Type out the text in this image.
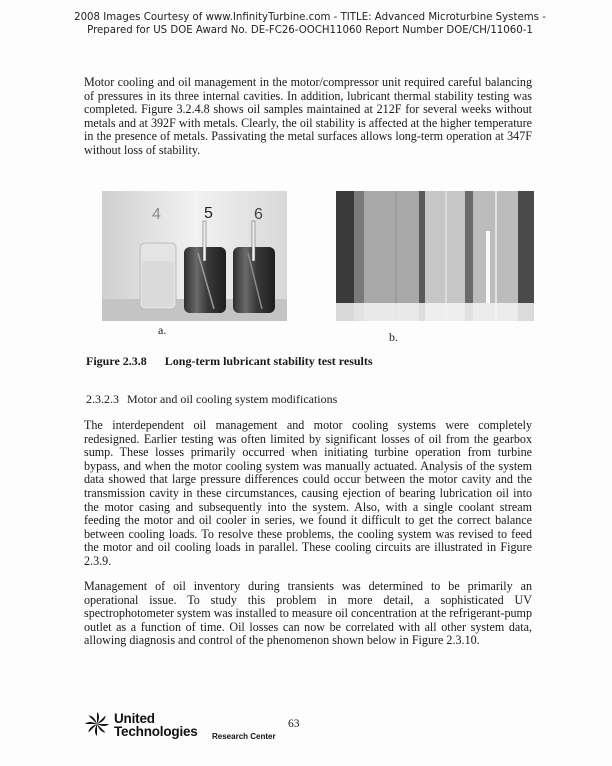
2008 Images Courtesy of www.InfinityTurbine.com - TITLE: Advanced Microturbine Systems -
Prepared for US DOE Award No. DE-FC26-OOCH11060 Report Number DOE/CH/11060-1

Motor cooling and oil management in the motor/compressor unit required careful balancing of pressures in its three internal cavities. In addition, lubricant thermal stability testing was completed. Figure 3.2.4.8 shows oil samples maintained at 212F for several weeks without metals and at 392F with metals. Clearly, the oil stability is affected at the higher temperature in the presence of metals. Passivating the metal surfaces allows long-term operation at 347F without loss of stability.

4	5	6
a.	b.
Figure 2.3.8 Long-term lubricant stability test results
2.3.2.3 Motor and oil cooling system modifications

The interdependent oil management and motor cooling systems were completely redesigned. Earlier testing was often limited by significant losses of oil from the gearbox sump. These losses primarily occurred when initiating turbine operation from turbine bypass, and when the motor cooling system was manually actuated. Analysis of the system data showed that large pressure differences could occur between the motor cavity and the transmission cavity in these circumstances, causing ejection of bearing lubrication oil into the motor casing and subsequently into the system. Also, with a single coolant stream feeding the motor and oil cooler in series, we found it difficult to get the correct balance between cooling loads. To resolve these problems, the cooling system was revised to feed the motor and oil cooling loads in parallel. These cooling circuits are illustrated in Figure 2.3.9.

Management of oil inventory during transients was determined to be primarily an operational issue. To study this problem in more detail, a sophisticated UV spectrophotometer system was installed to measure oil concentration at the refrigerant-pump outlet as a function of time. Oil losses can now be correlated with all other system data, allowing diagnosis and control of the phenomenon shown below in Figure 2.3.10.

United
Technologies Research Center
63
